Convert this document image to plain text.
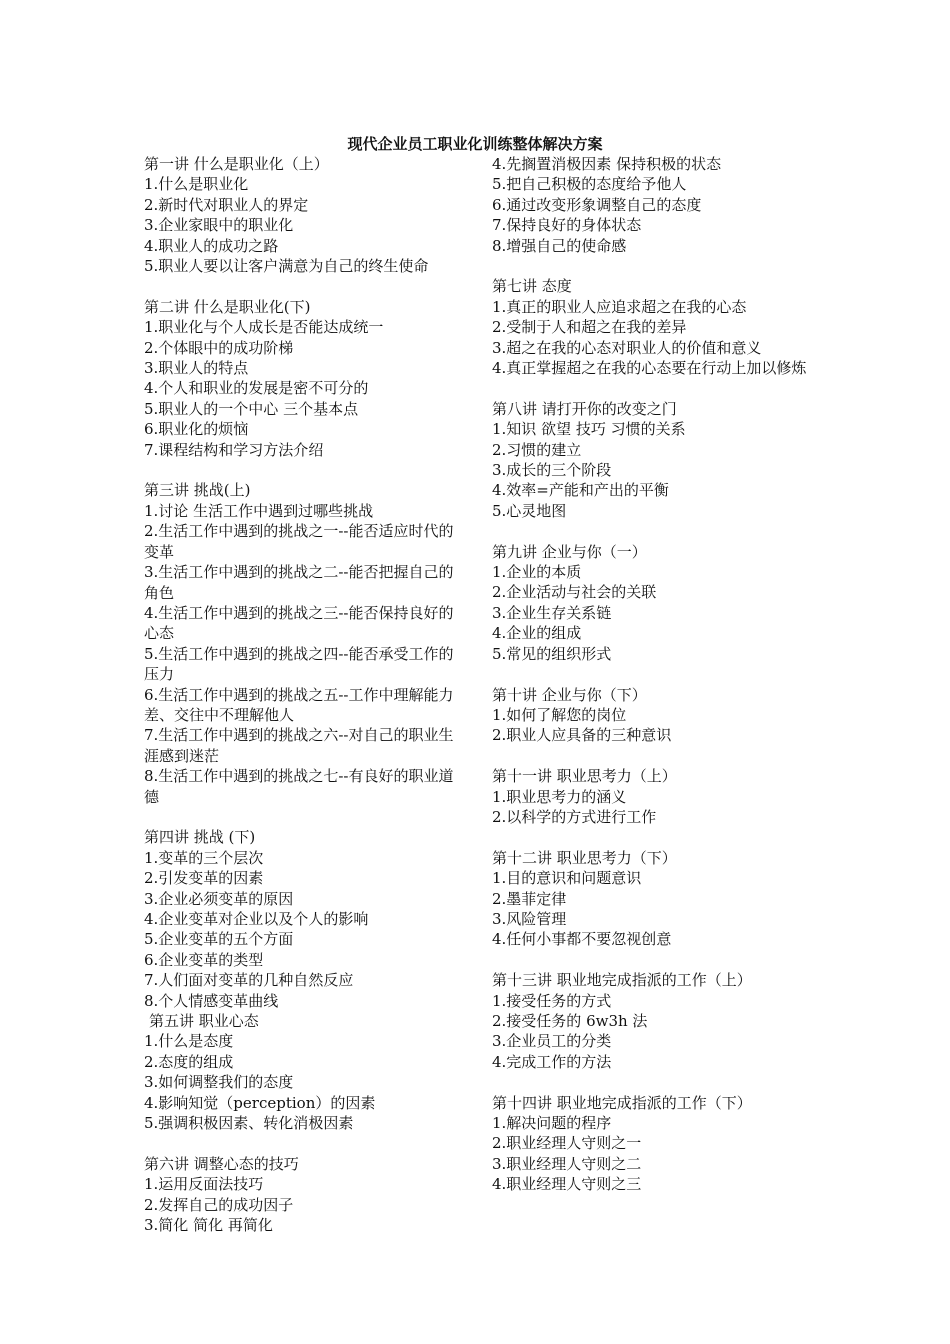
现代企业员工职业化训练整体解决方案
第一讲 什么是职业化（上）
1.什么是职业化
2.新时代对职业人的界定
3.企业家眼中的职业化
4.职业人的成功之路
5.职业人要以让客户满意为自己的终生使命
第二讲 什么是职业化(下)
1.职业化与个人成长是否能达成统一
2.个体眼中的成功阶梯
3.职业人的特点
4.个人和职业的发展是密不可分的
5.职业人的一个中心 三个基本点
6.职业化的烦恼
7.课程结构和学习方法介绍
第三讲 挑战(上)
1.讨论 生活工作中遇到过哪些挑战
2.生活工作中遇到的挑战之一--能否适应时代的变革
3.生活工作中遇到的挑战之二--能否把握自己的角色
4.生活工作中遇到的挑战之三--能否保持良好的心态
5.生活工作中遇到的挑战之四--能否承受工作的压力
6.生活工作中遇到的挑战之五--工作中理解能力差、交往中不理解他人
7.生活工作中遇到的挑战之六--对自己的职业生涯感到迷茫
8.生活工作中遇到的挑战之七--有良好的职业道德
第四讲 挑战 (下)
1.变革的三个层次
2.引发变革的因素
3.企业必须变革的原因
4.企业变革对企业以及个人的影响
5.企业变革的五个方面
6.企业变革的类型
7.人们面对变革的几种自然反应
8.个人情感变革曲线
第五讲 职业心态
1.什么是态度
2.态度的组成
3.如何调整我们的态度
4.影响知觉（perception）的因素
5.强调积极因素、转化消极因素
第六讲 调整心态的技巧
1.运用反面法技巧
2.发挥自己的成功因子
3.简化 简化 再简化
4.先搁置消极因素 保持积极的状态
5.把自己积极的态度给予他人
6.通过改变形象调整自己的态度
7.保持良好的身体状态
8.增强自己的使命感
第七讲 态度
1.真正的职业人应追求超之在我的心态
2.受制于人和超之在我的差异
3.超之在我的心态对职业人的价值和意义
4.真正掌握超之在我的心态要在行动上加以修炼
第八讲 请打开你的改变之门
1.知识 欲望 技巧 习惯的关系
2.习惯的建立
3.成长的三个阶段
4.效率=产能和产出的平衡
5.心灵地图
第九讲 企业与你（一）
1.企业的本质
2.企业活动与社会的关联
3.企业生存关系链
4.企业的组成
5.常见的组织形式
第十讲 企业与你（下）
1.如何了解您的岗位
2.职业人应具备的三种意识
第十一讲 职业思考力（上）
1.职业思考力的涵义
2.以科学的方式进行工作
第十二讲 职业思考力（下）
1.目的意识和问题意识
2.墨菲定律
3.风险管理
4.任何小事都不要忽视创意
第十三讲 职业地完成指派的工作（上）
1.接受任务的方式
2.接受任务的 6w3h 法
3.企业员工的分类
4.完成工作的方法
第十四讲 职业地完成指派的工作（下）
1.解决问题的程序
2.职业经理人守则之一
3.职业经理人守则之二
4.职业经理人守则之三
